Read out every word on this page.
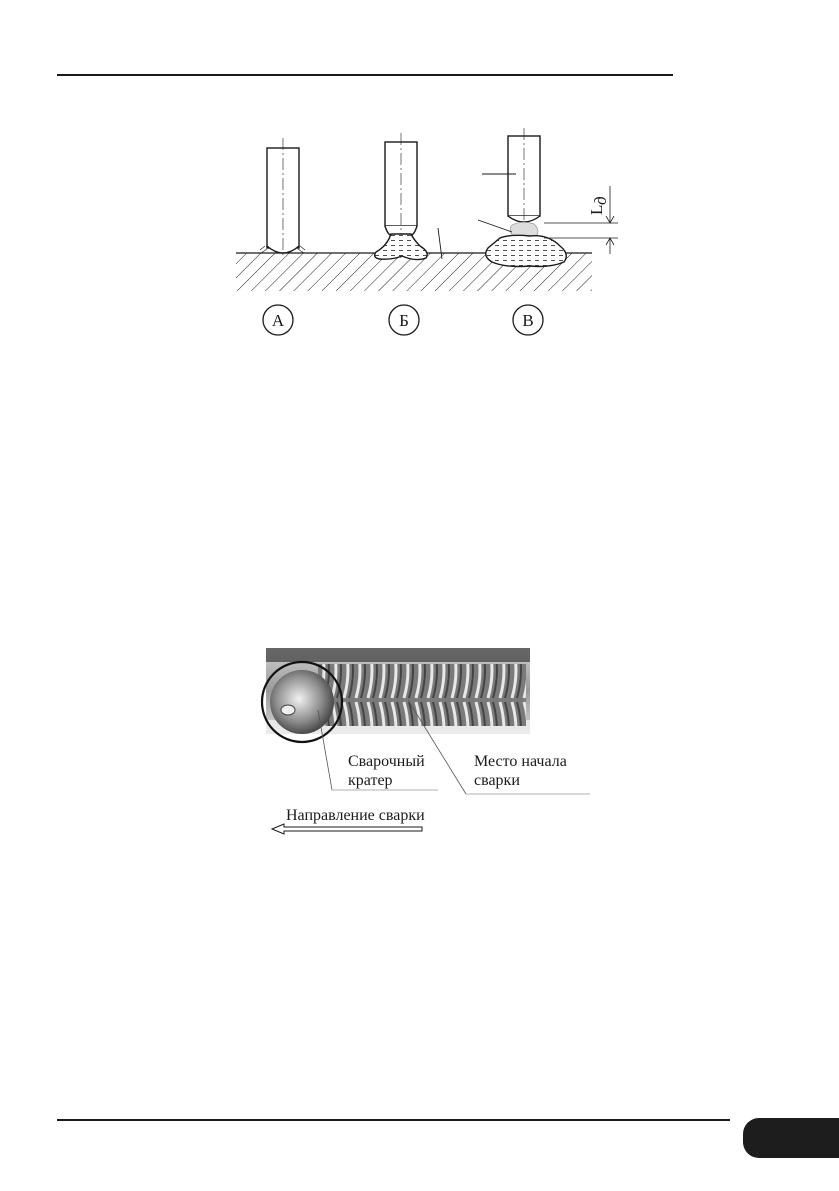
L
д
А	Б	В
Сварочный
кратер
Место начала
сварки
Направление сварки
